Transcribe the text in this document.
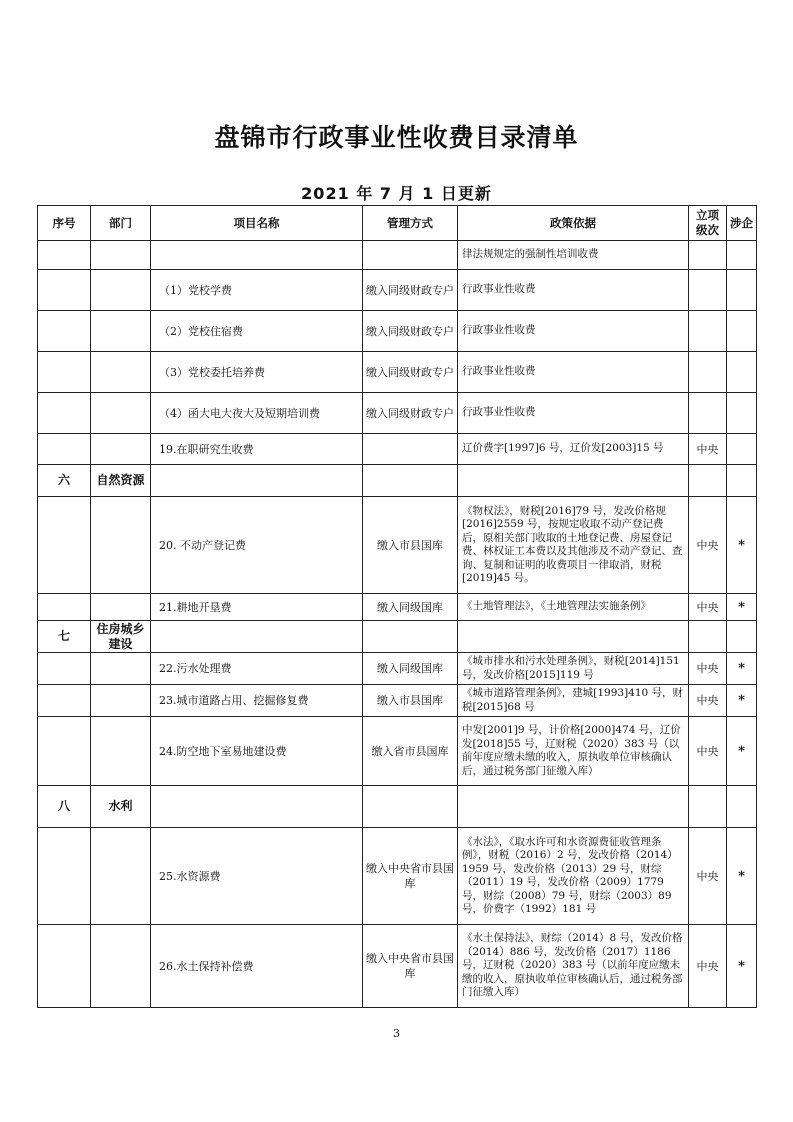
盘锦市行政事业性收费目录清单
2021 年 7 月 1 日更新
序号	部门	项目名称	管理方式	政策依据	立项级次	涉企
				律法规规定的强制性培训收费		
		（1）党校学费	缴入同级财政专户	行政事业性收费		
		（2）党校住宿费	缴入同级财政专户	行政事业性收费		
		（3）党校委托培养费	缴入同级财政专户	行政事业性收费		
		（4）函大电大夜大及短期培训费	缴入同级财政专户	行政事业性收费		
		19.在职研究生收费		辽价费字[1997]6 号，辽价发[2003]15 号	中央	
六	自然资源					
		20. 不动产登记费	缴入市县国库	《物权法》，财税[2016]79 号，发改价格规[2016]2559 号，按规定收取不动产登记费后，原相关部门收取的土地登记费、房屋登记费、林权证工本费以及其他涉及不动产登记、查询、复制和证明的收费项目一律取消，财税[2019]45 号。	中央	*
		21.耕地开垦费	缴入同级国库	《土地管理法》，《土地管理法实施条例》	中央	*
七	住房城乡建设					
		22.污水处理费	缴入同级国库	《城市排水和污水处理条例》，财税[2014]151 号，发改价格[2015]119 号	中央	*
		23.城市道路占用、挖掘修复费	缴入市县国库	《城市道路管理条例》，建城[1993]410 号，财税[2015]68 号	中央	*
		24.防空地下室易地建设费	缴入省市县国库	中发[2001]9 号，计价格[2000]474 号，辽价发[2018]55 号，辽财税（2020）383 号（以前年度应缴未缴的收入，原执收单位审核确认后，通过税务部门征缴入库）	中央	*
八	水利					
		25.水资源费	缴入中央省市县国库	《水法》，《取水许可和水资源费征收管理条例》，财税（2016）2 号，发改价格（2014）1959 号，发改价格（2013）29 号，财综（2011）19 号，发改价格（2009）1779 号，财综（2008）79 号，财综（2003）89 号，价费字（1992）181 号	中央	*
		26.水土保持补偿费	缴入中央省市县国库	《水土保持法》，财综（2014）8 号，发改价格（2014）886 号，发改价格（2017）1186 号，辽财税（2020）383 号（以前年度应缴未缴的收入，原执收单位审核确认后，通过税务部门征缴入库）	中央	*
3
